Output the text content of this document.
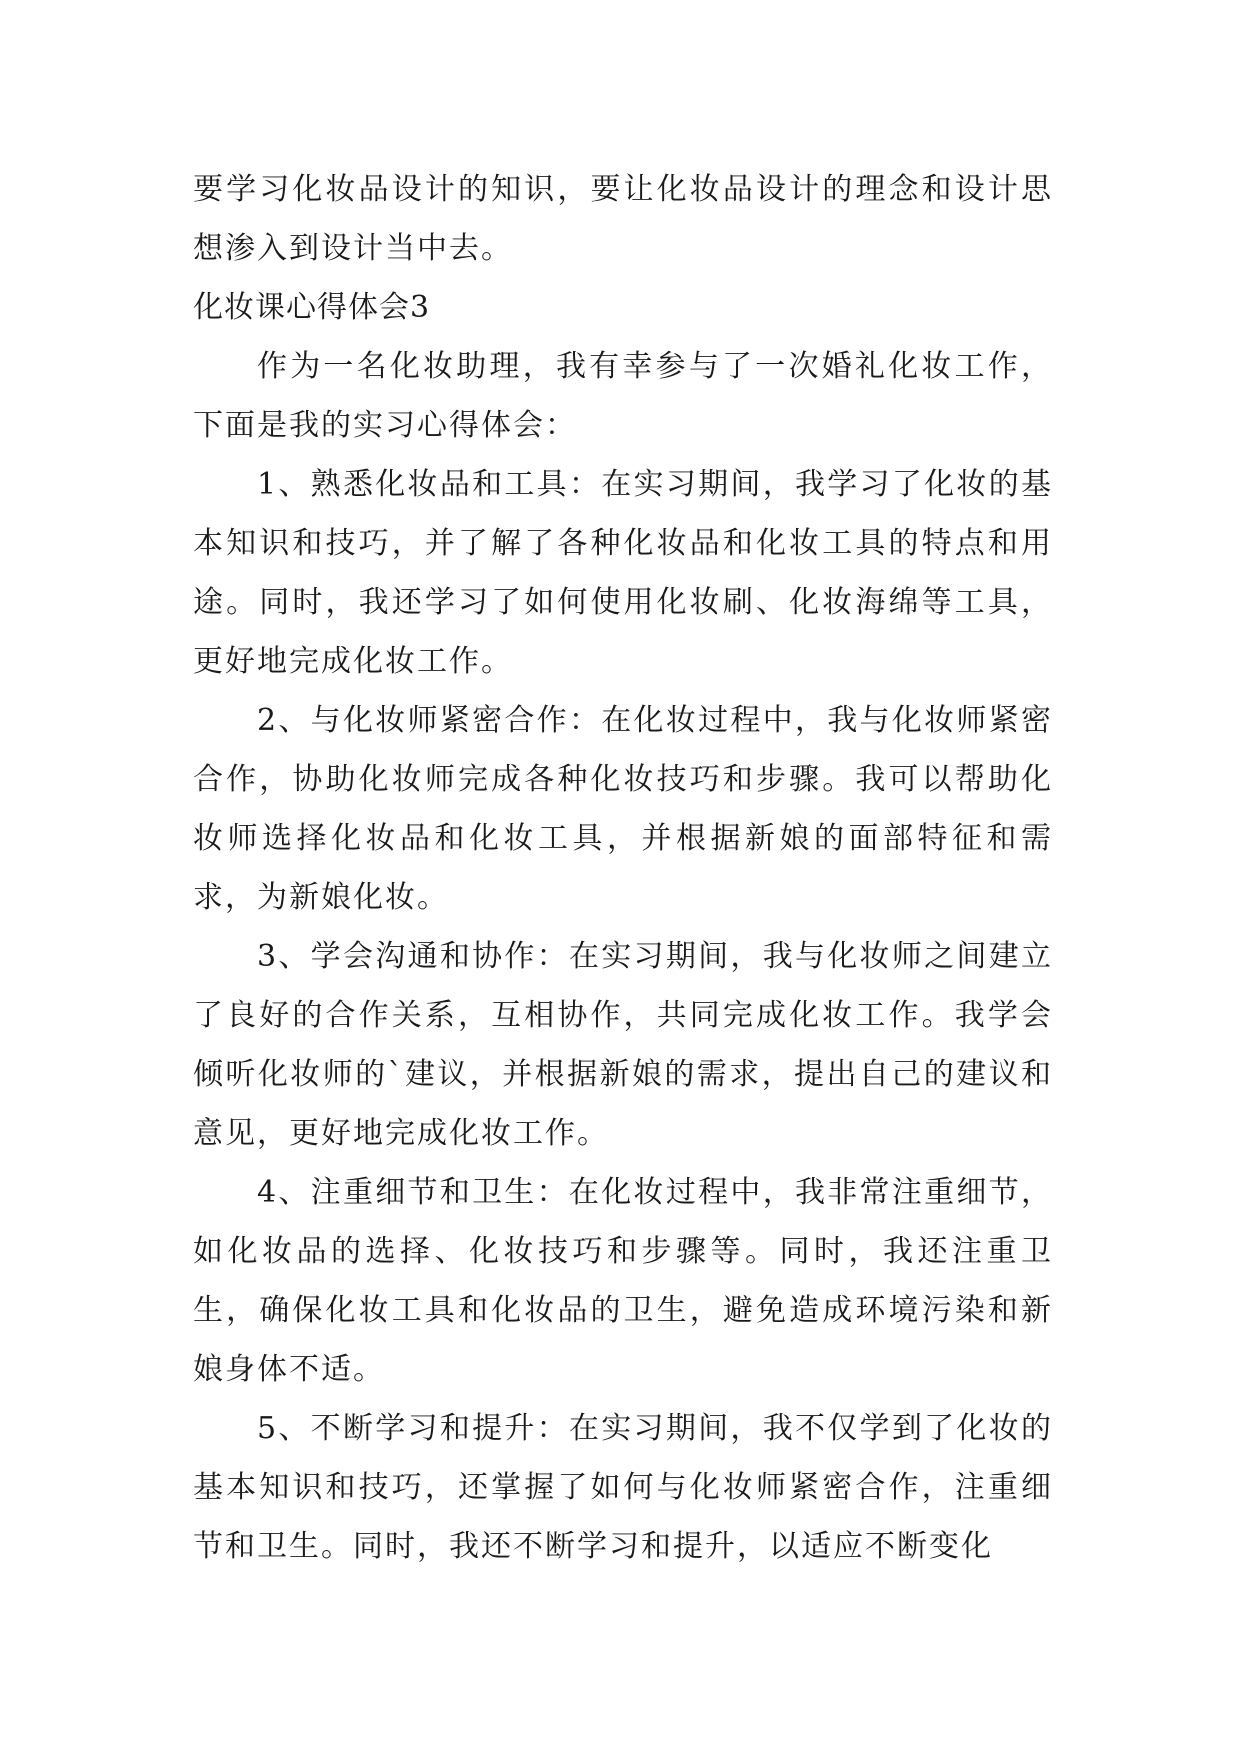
要学习化妆品设计的知识，要让化妆品设计的理念和设计思想渗入到设计当中去。

化妆课心得体会3

作为一名化妆助理，我有幸参与了一次婚礼化妆工作，下面是我的实习心得体会：

1、熟悉化妆品和工具：在实习期间，我学习了化妆的基本知识和技巧，并了解了各种化妆品和化妆工具的特点和用途。同时，我还学习了如何使用化妆刷、化妆海绵等工具，更好地完成化妆工作。

2、与化妆师紧密合作：在化妆过程中，我与化妆师紧密合作，协助化妆师完成各种化妆技巧和步骤。我可以帮助化妆师选择化妆品和化妆工具，并根据新娘的面部特征和需求，为新娘化妆。

3、学会沟通和协作：在实习期间，我与化妆师之间建立了良好的合作关系，互相协作，共同完成化妆工作。我学会倾听化妆师的`建议，并根据新娘的需求，提出自己的建议和意见，更好地完成化妆工作。

4、注重细节和卫生：在化妆过程中，我非常注重细节，如化妆品的选择、化妆技巧和步骤等。同时，我还注重卫生，确保化妆工具和化妆品的卫生，避免造成环境污染和新娘身体不适。

5、不断学习和提升：在实习期间，我不仅学到了化妆的基本知识和技巧，还掌握了如何与化妆师紧密合作，注重细节和卫生。同时，我还不断学习和提升，以适应不断变化
